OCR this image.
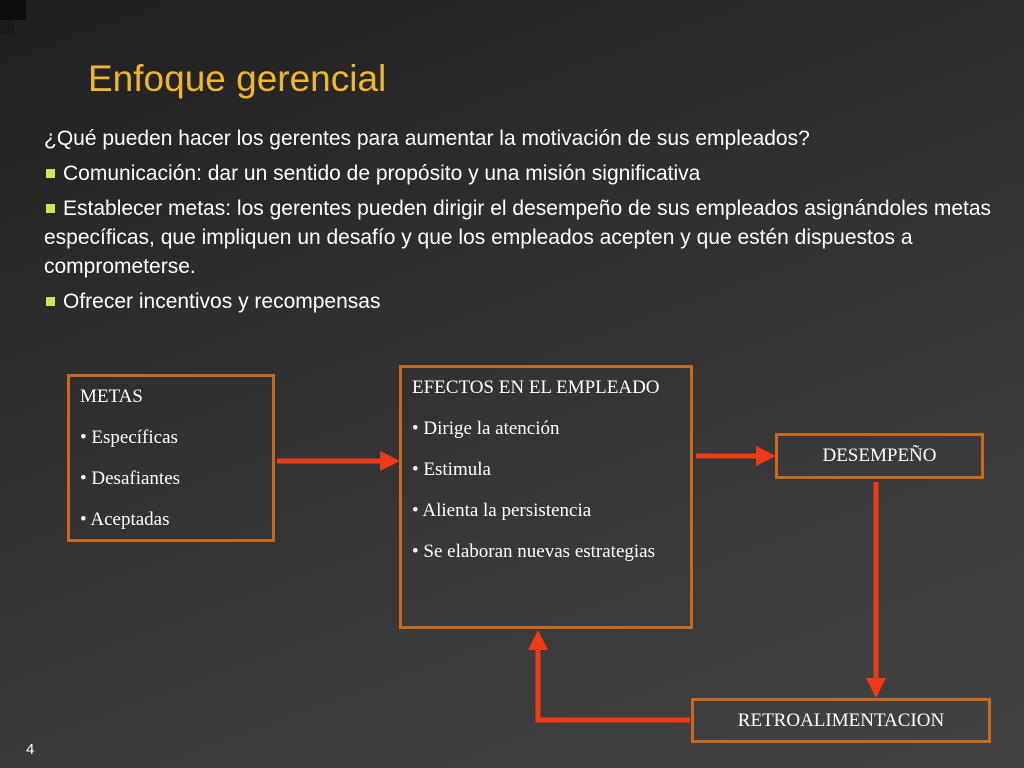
Enfoque gerencial

¿Qué pueden hacer los gerentes para aumentar la motivación de sus empleados?

Comunicación: dar un sentido de propósito y una misión significativa

Establecer metas: los gerentes pueden dirigir el desempeño de sus empleados asignándoles metas específicas, que impliquen un desafío y que los empleados acepten y que estén dispuestos a comprometerse.

Ofrecer incentivos y recompensas

METAS
• Específicas
• Desafiantes
• Aceptadas
EFECTOS EN EL EMPLEADO
• Dirige la atención
• Estimula
• Alienta la persistencia
• Se elaboran nuevas estrategias
DESEMPEÑO
RETROALIMENTACION
4
